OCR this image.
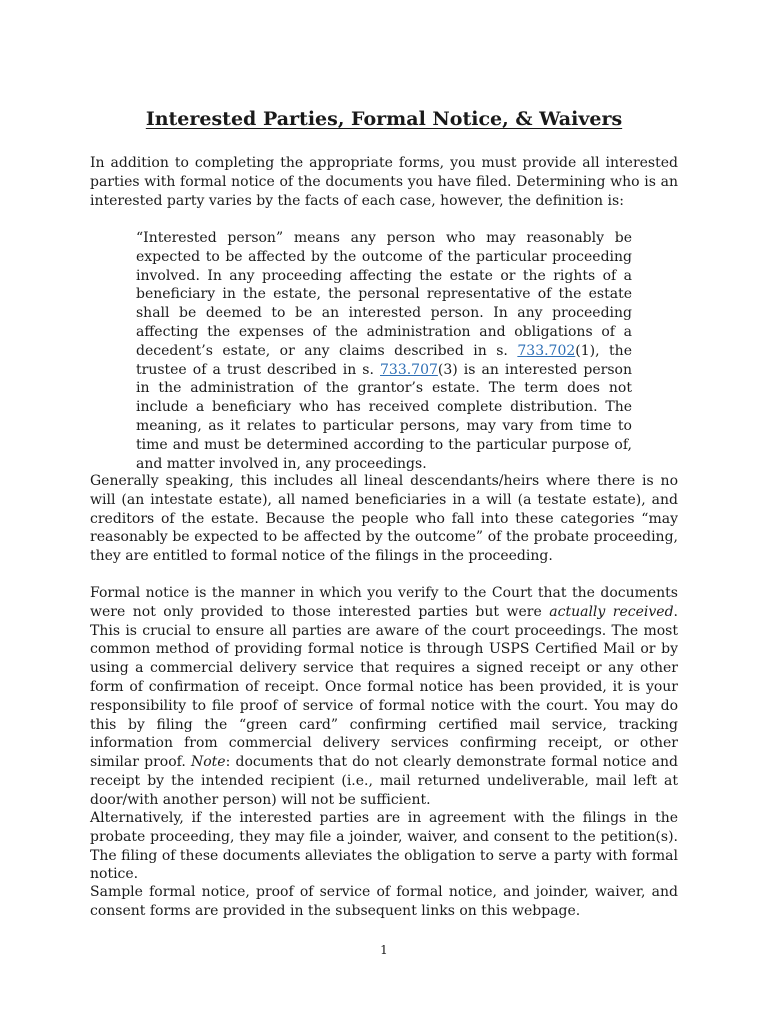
Interested Parties, Formal Notice, & Waivers

In addition to completing the appropriate forms, you must provide all interested parties with formal notice of the documents you have filed. Determining who is an interested party varies by the facts of each case, however, the definition is:

“Interested person” means any person who may reasonably be expected to be affected by the outcome of the particular proceeding involved. In any proceeding affecting the estate or the rights of a beneficiary in the estate, the personal representative of the estate shall be deemed to be an interested person. In any proceeding affecting the expenses of the administration and obligations of a decedent’s estate, or any claims described in s. 733.702(1), the trustee of a trust described in s. 733.707(3) is an interested person in the administration of the grantor’s estate. The term does not include a beneficiary who has received complete distribution. The meaning, as it relates to particular persons, may vary from time to time and must be determined according to the particular purpose of, and matter involved in, any proceedings.

Generally speaking, this includes all lineal descendants/heirs where there is no will (an intestate estate), all named beneficiaries in a will (a testate estate), and creditors of the estate. Because the people who fall into these categories “may reasonably be expected to be affected by the outcome” of the probate proceeding, they are entitled to formal notice of the filings in the proceeding.

Formal notice is the manner in which you verify to the Court that the documents were not only provided to those interested parties but were actually received. This is crucial to ensure all parties are aware of the court proceedings. The most common method of providing formal notice is through USPS Certified Mail or by using a commercial delivery service that requires a signed receipt or any other form of confirmation of receipt. Once formal notice has been provided, it is your responsibility to file proof of service of formal notice with the court. You may do this by filing the “green card” confirming certified mail service, tracking information from commercial delivery services confirming receipt, or other similar proof. Note: documents that do not clearly demonstrate formal notice and receipt by the intended recipient (i.e., mail returned undeliverable, mail left at door/with another person) will not be sufficient.

Alternatively, if the interested parties are in agreement with the filings in the probate proceeding, they may file a joinder, waiver, and consent to the petition(s). The filing of these documents alleviates the obligation to serve a party with formal notice.

Sample formal notice, proof of service of formal notice, and joinder, waiver, and consent forms are provided in the subsequent links on this webpage.

1
